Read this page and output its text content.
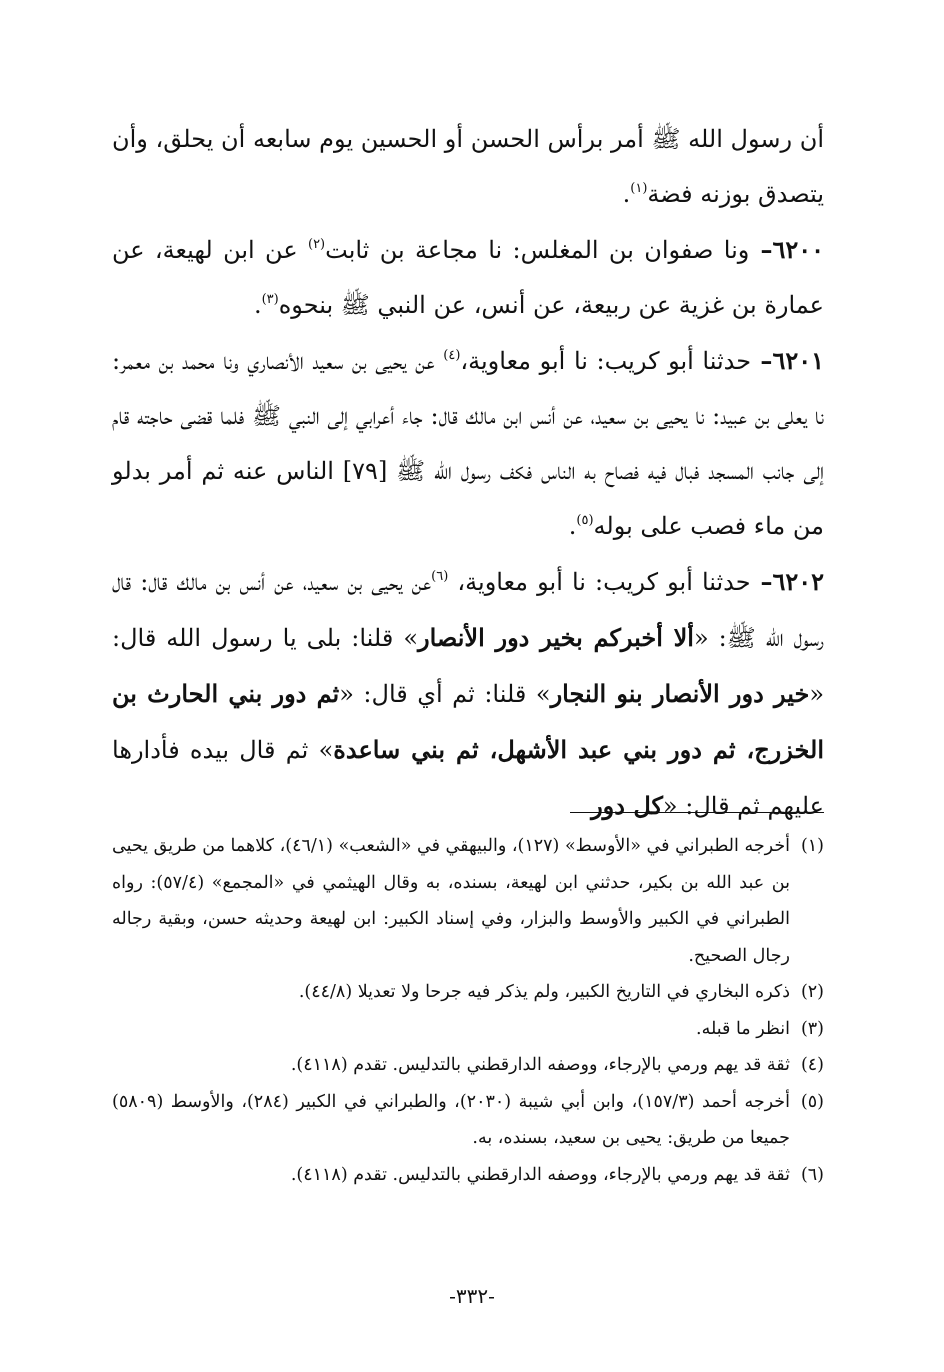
أن رسول الله ﷺ أمر برأس الحسن أو الحسين يوم سابعه أن يحلق، وأن يتصدق بوزنه فضة$^{(١)}$.

٦٢٠٠– ونا صفوان بن المغلس: نا مجاعة بن ثابت$^{(٢)}$ عن ابن لهيعة، عن عمارة بن غزية عن ربيعة، عن أنس، عن النبي ﷺ بنحوه$^{(٣)}$.

٦٢٠١– حدثنا أبو كريب: نا أبو معاوية،$^{(٤)}$ عن يحيى بن سعيد الأنصاري ونا محمد بن معمر: نا يعلى بن عبيد: نا يحيى بن سعيد، عن أنس ابن مالك قال: جاء أعرابي إلى النبي ﷺ فلما قضى حاجته قام إلى جانب المسجد فبال فيه فصاح به الناس فكف رسول الله ﷺ [٧٩] الناس عنه ثم أمر بدلو من ماء فصب على بوله$^{(٥)}$.

٦٢٠٢– حدثنا أبو كريب: نا أبو معاوية، $^{(٦)}$عن يحيى بن سعيد، عن أنس بن مالك قال: قال رسول الله ﷺ: «ألا أخبركم بخير دور الأنصار» قلنا: بلى يا رسول الله قال: «خير دور الأنصار بنو النجار» قلنا: ثم أي قال: «ثم دور بني الحارث بن الخزرج، ثم دور بني عبد الأشهل، ثم بني ساعدة» ثم قال بيده فأدارها عليهم ثم قال: «كل دور

(١)أخرجه الطبراني في «الأوسط» (١٢٧)، والبيهقي في «الشعب» (٤٦/١)، كلاهما من طريق يحيى بن عبد الله بن بكير، حدثني ابن لهيعة، بسنده، به وقال الهيثمي في «المجمع» (٥٧/٤): رواه الطبراني في الكبير والأوسط والبزار، وفي إسناد الكبير: ابن لهيعة وحديثه حسن، وبقية رجاله رجال الصحيح.

(٢)ذكره البخاري في التاريخ الكبير، ولم يذكر فيه جرحا ولا تعديلا (٤٤/٨).

(٣)انظر ما قبله.

(٤)ثقة قد يهم ورمي بالإرجاء، ووصفه الدارقطني بالتدليس. تقدم (٤١١٨).

(٥)أخرجه أحمد (١٥٧/٣)، وابن أبي شيبة (٢٠٣٠)، والطبراني في الكبير (٢٨٤)، والأوسط (٥٨٠٩) جميعا من طريق: يحيى بن سعيد، بسنده، به.

(٦)ثقة قد يهم ورمي بالإرجاء، ووصفه الدارقطني بالتدليس. تقدم (٤١١٨).

-٣٣٢-
